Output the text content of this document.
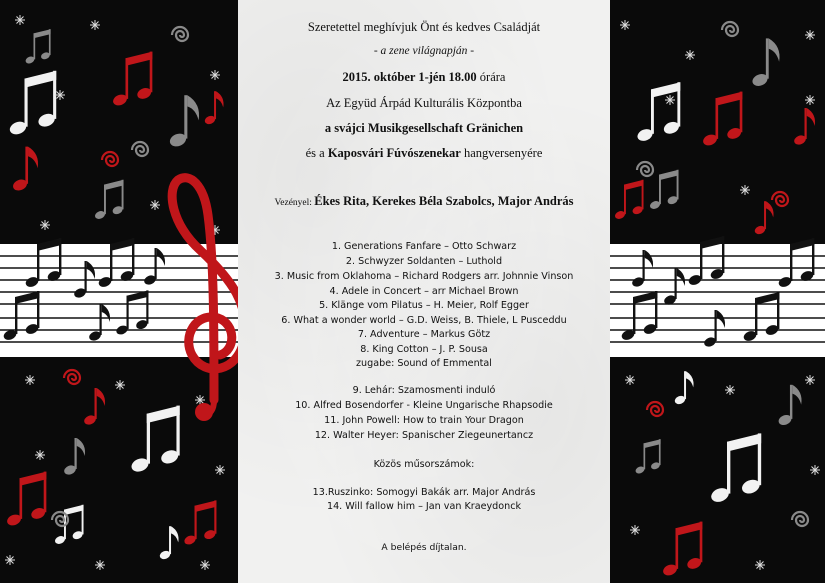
Szeretettel meghívjuk Önt és kedves Családját
- a zene világnapján -
2015. október 1-jén 18.00 órára
Az Együd Árpád Kulturális Központba
a svájci Musikgesellschaft Gränichen
és a Kaposvári Fúvószenekar hangversenyére
Vezényel: Ékes Rita, Kerekes Béla Szabolcs, Major András
1. Generations Fanfare – Otto Schwarz
2. Schwyzer Soldanten – Luthold
3. Music from Oklahoma – Richard Rodgers arr. Johnnie Vinson
4. Adele in Concert – arr Michael Brown
5. Klänge vom Pilatus – H. Meier, Rolf Egger
6. What a wonder world – G.D. Weiss, B. Thiele, L Pusceddu
7. Adventure – Markus Götz
8. King Cotton – J. P. Sousa
zugabe: Sound of Emmental
9. Lehár: Szamosmenti induló
10. Alfred Bosendorfer - Kleine Ungarische Rhapsodie
11. John Powell: How to train Your Dragon
12. Walter Heyer: Spanischer Ziegeunertancz
Közös műsorszámok:
13.Ruszinko: Somogyi Bakák arr. Major András
14. Will fallow him – Jan van Kraeydonck
A belépés díjtalan.
